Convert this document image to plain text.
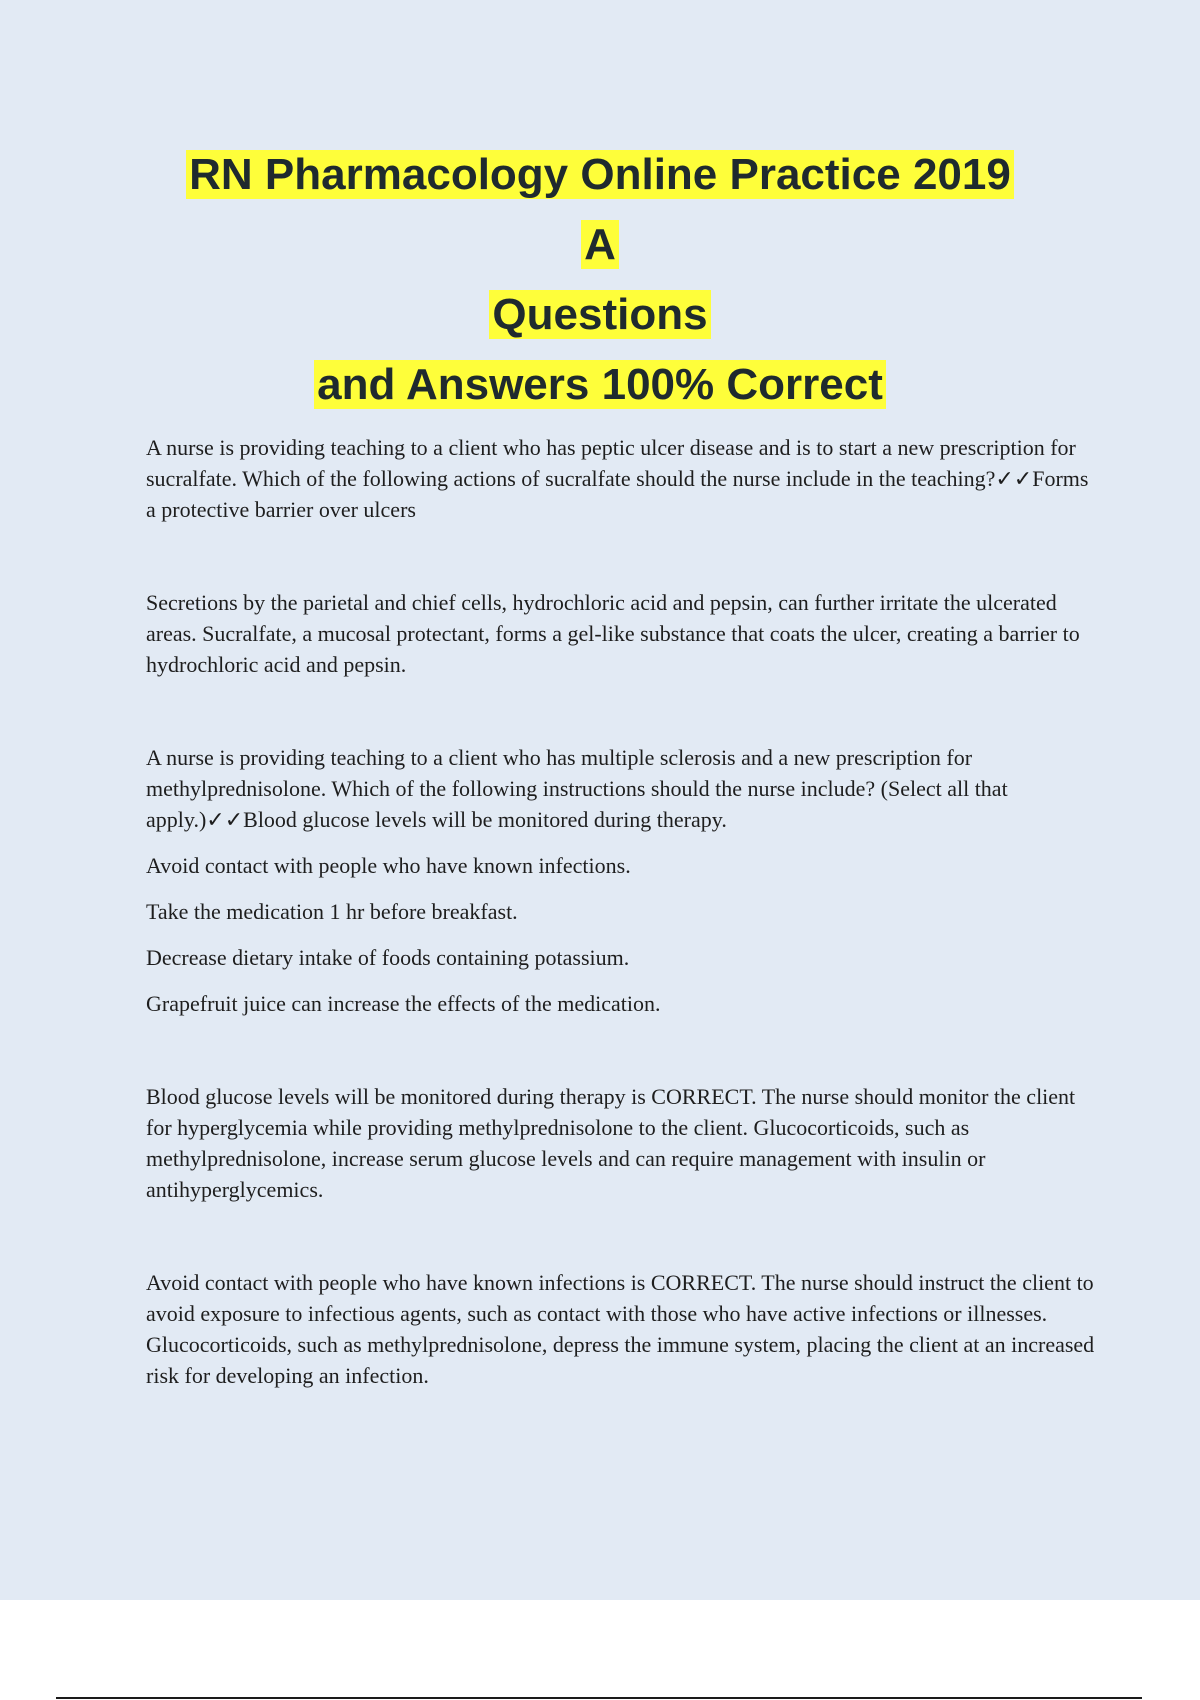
RN Pharmacology Online Practice 2019
A
Questions
and Answers 100% Correct

A nurse is providing teaching to a client who has peptic ulcer disease and is to start a new prescription for sucralfate. Which of the following actions of sucralfate should the nurse include in the teaching?✓✓Forms a protective barrier over ulcers

Secretions by the parietal and chief cells, hydrochloric acid and pepsin, can further irritate the ulcerated areas. Sucralfate, a mucosal protectant, forms a gel-like substance that coats the ulcer, creating a barrier to hydrochloric acid and pepsin.

A nurse is providing teaching to a client who has multiple sclerosis and a new prescription for methylprednisolone. Which of the following instructions should the nurse include? (Select all that apply.)✓✓Blood glucose levels will be monitored during therapy.

Avoid contact with people who have known infections.

Take the medication 1 hr before breakfast.

Decrease dietary intake of foods containing potassium.

Grapefruit juice can increase the effects of the medication.

Blood glucose levels will be monitored during therapy is CORRECT. The nurse should monitor the client for hyperglycemia while providing methylprednisolone to the client. Glucocorticoids, such as methylprednisolone, increase serum glucose levels and can require management with insulin or antihyperglycemics.

Avoid contact with people who have known infections is CORRECT. The nurse should instruct the client to avoid exposure to infectious agents, such as contact with those who have active infections or illnesses. Glucocorticoids, such as methylprednisolone, depress the immune system, placing the client at an increased risk for developing an infection.
